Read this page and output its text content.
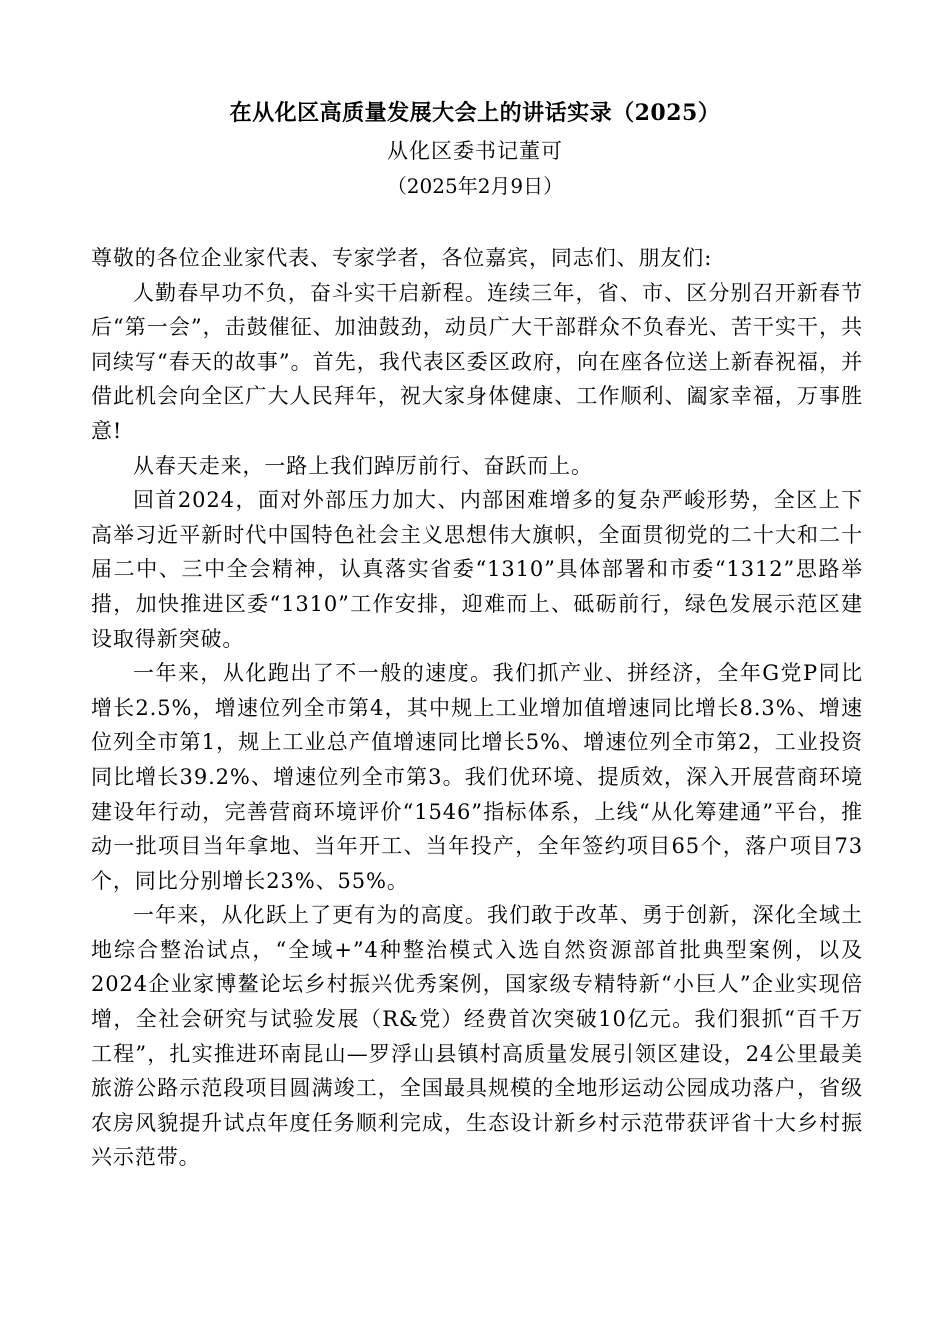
在从化区高质量发展大会上的讲话实录（2025）
从化区委书记董可
（2025年2月9日）

尊敬的各位企业家代表、专家学者，各位嘉宾，同志们、朋友们:

人勤春早功不负，奋斗实干启新程。连续三年，省、市、区分别召开新春节后“第一会”，击鼓催征、加油鼓劲，动员广大干部群众不负春光、苦干实干，共同续写“春天的故事”。首先，我代表区委区政府，向在座各位送上新春祝福，并借此机会向全区广大人民拜年，祝大家身体健康、工作顺利、阖家幸福，万事胜意!

从春天走来，一路上我们踔厉前行、奋跃而上。

回首2024，面对外部压力加大、内部困难增多的复杂严峻形势，全区上下高举习近平新时代中国特色社会主义思想伟大旗帜，全面贯彻党的二十大和二十届二中、三中全会精神，认真落实省委“1310”具体部署和市委“1312”思路举措，加快推进区委“1310”工作安排，迎难而上、砥砺前行，绿色发展示范区建设取得新突破。

一年来，从化跑出了不一般的速度。我们抓产业、拼经济，全年G党P同比增长2.5%，增速位列全市第4，其中规上工业增加值增速同比增长8.3%、增速位列全市第1，规上工业总产值增速同比增长5%、增速位列全市第2，工业投资同比增长39.2%、增速位列全市第3。我们优环境、提质效，深入开展营商环境建设年行动，完善营商环境评价“1546”指标体系，上线“从化筹建通”平台，推动一批项目当年拿地、当年开工、当年投产，全年签约项目65个，落户项目73个，同比分别增长23%、55%。

一年来，从化跃上了更有为的高度。我们敢于改革、勇于创新，深化全域土地综合整治试点，“全域+”4种整治模式入选自然资源部首批典型案例，以及2024企业家博鳌论坛乡村振兴优秀案例，国家级专精特新“小巨人”企业实现倍增，全社会研究与试验发展（R&党）经费首次突破10亿元。我们狠抓“百千万工程”，扎实推进环南昆山—罗浮山县镇村高质量发展引领区建设，24公里最美旅游公路示范段项目圆满竣工，全国最具规模的全地形运动公园成功落户，省级农房风貌提升试点年度任务顺利完成，生态设计新乡村示范带获评省十大乡村振兴示范带。
